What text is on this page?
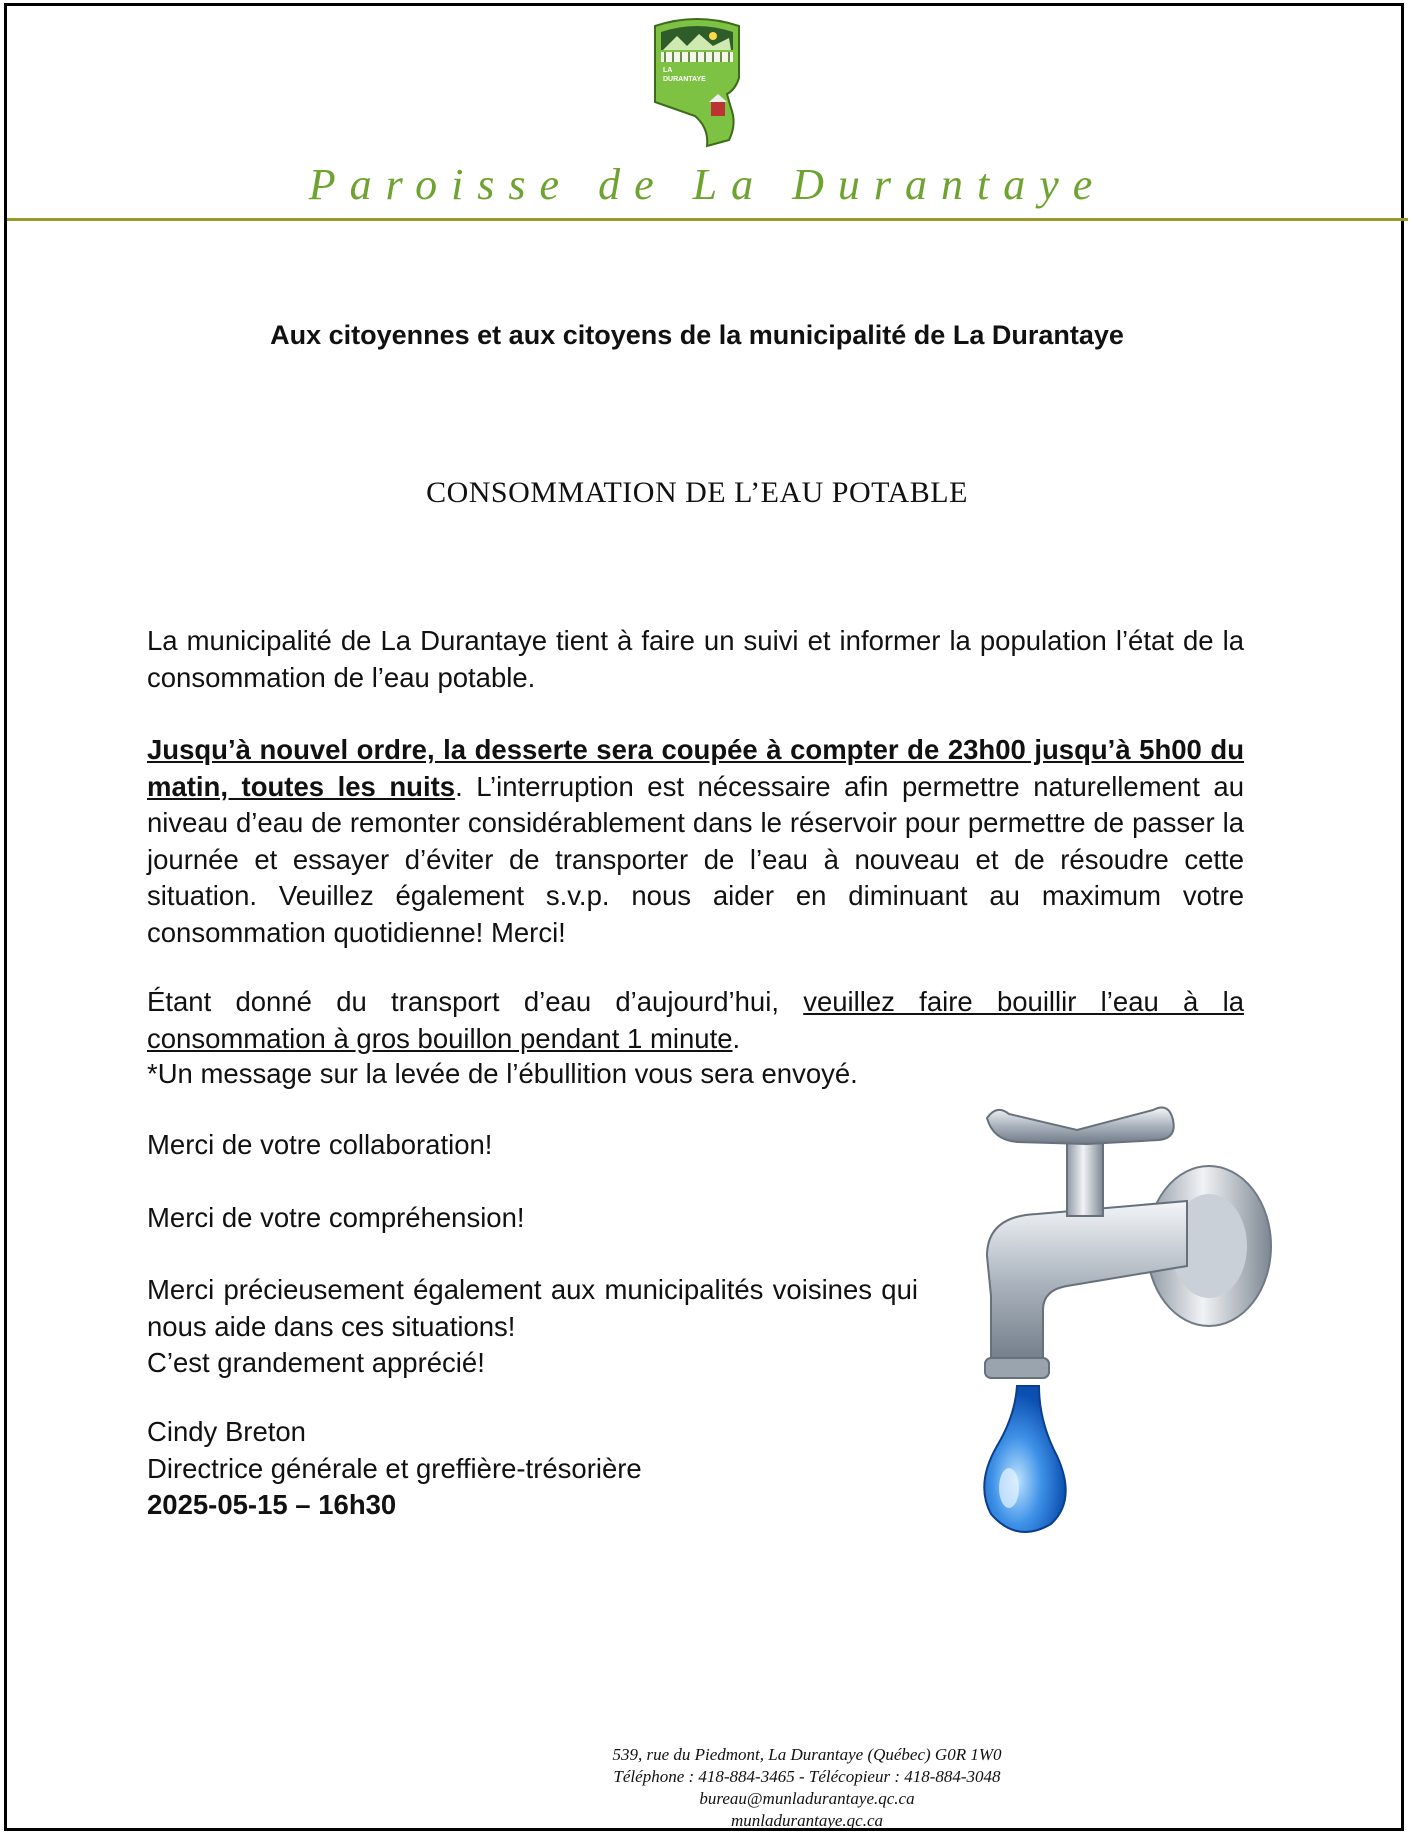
LA
DURANTAYE
Paroisse de La Durantaye
Aux citoyennes et aux citoyens de la municipalité de La Durantaye
CONSOMMATION DE L’EAU POTABLE
La municipalité de La Durantaye tient à faire un suivi et informer la population l’état de la consommation de l’eau potable.
Jusqu’à nouvel ordre, la desserte sera coupée à compter de 23h00 jusqu’à 5h00 du matin, toutes les nuits. L’interruption est nécessaire afin permettre naturellement au niveau d’eau de remonter considérablement dans le réservoir pour permettre de passer la journée et essayer d’éviter de transporter de l’eau à nouveau et de résoudre cette situation. Veuillez également s.v.p. nous aider en diminuant au maximum votre consommation quotidienne! Merci!
Étant donné du transport d’eau d’aujourd’hui, veuillez faire bouillir l’eau à la consommation à gros bouillon pendant 1 minute.
*Un message sur la levée de l’ébullition vous sera envoyé.
Merci de votre collaboration!
Merci de votre compréhension!
Merci précieusement également aux municipalités voisines qui nous aide dans ces situations!
C’est grandement apprécié!
Cindy Breton
Directrice générale et greffière-trésorière
2025-05-15 – 16h30
539, rue du Piedmont, La Durantaye (Québec) G0R 1W0
Téléphone : 418-884-3465 - Télécopieur : 418-884-3048
bureau@munladurantaye.qc.ca
munladurantaye.qc.ca
